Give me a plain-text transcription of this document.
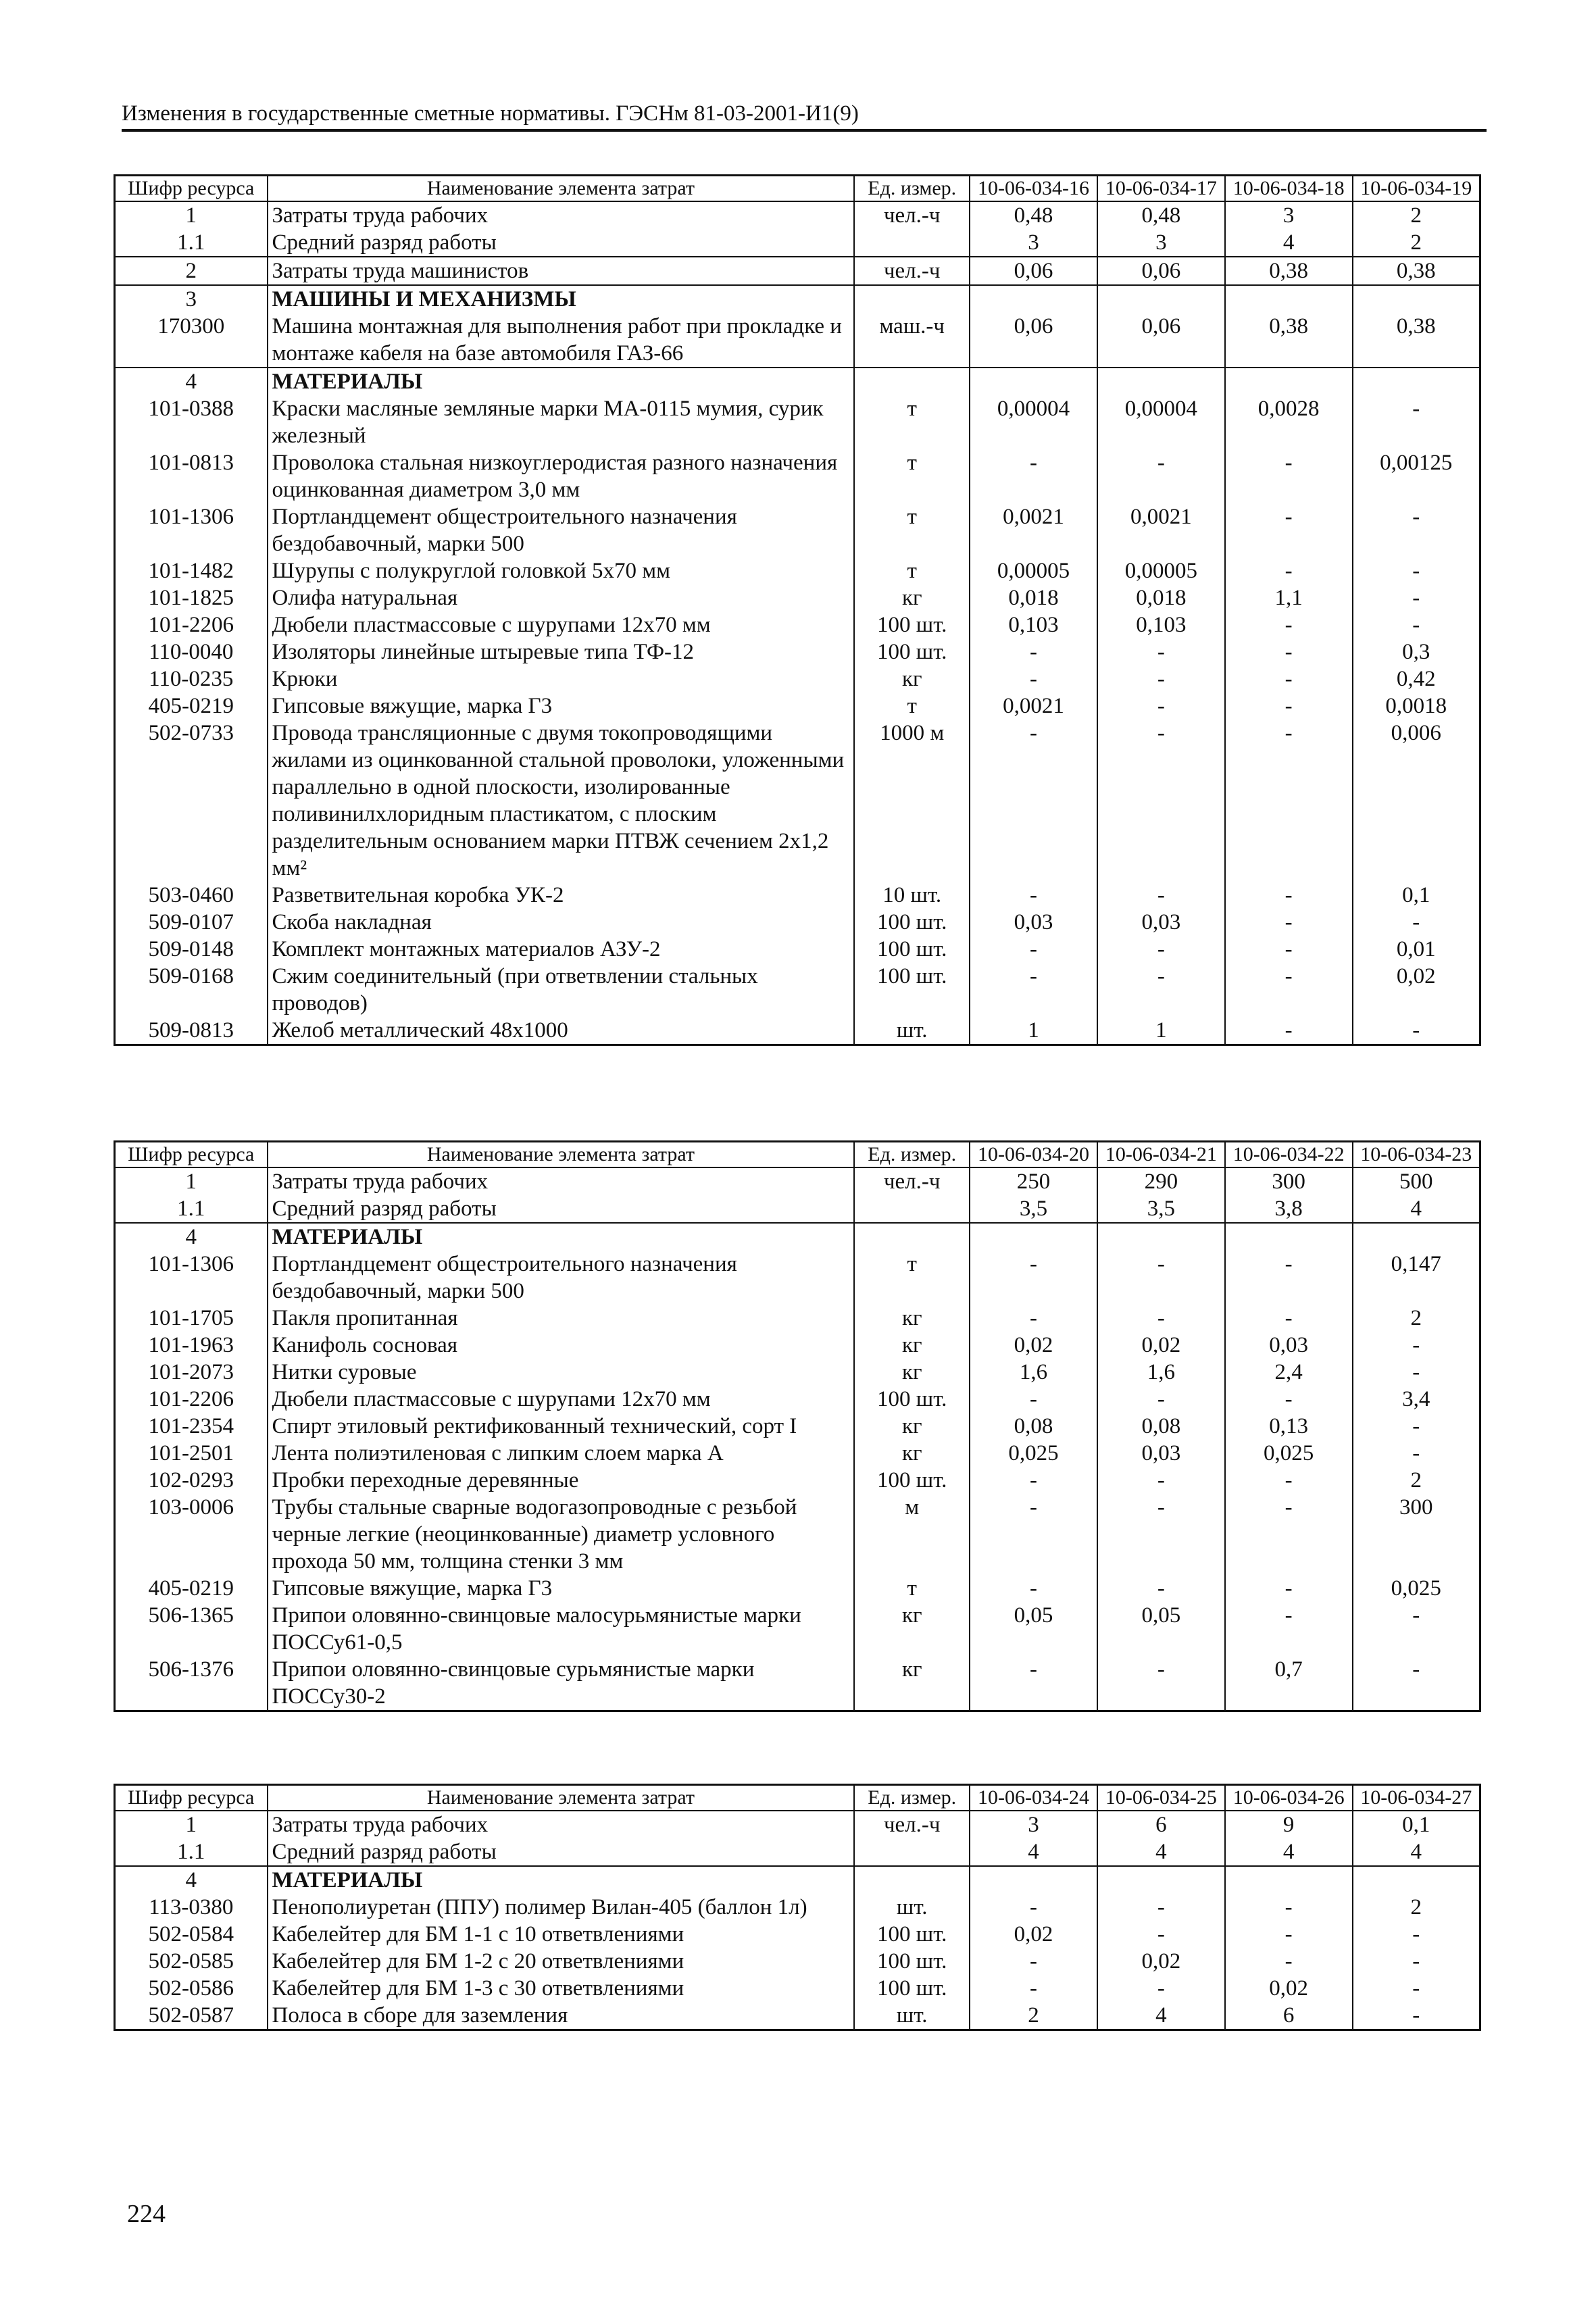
Изменения в государственные сметные нормативы. ГЭСНм 81-03-2001-И1(9)
Шифр ресурса	Наименование элемента затрат	Ед. измер.	10-06-034-16	10-06-034-17	10-06-034-18	10-06-034-19
1	Затраты труда рабочих	чел.-ч	0,48	0,48	3	2
1.1	Средний разряд работы		3	3	4	2
2	Затраты труда машинистов	чел.-ч	0,06	0,06	0,38	0,38
3	МАШИНЫ И МЕХАНИЗМЫ					
170300	Машина монтажная для выполнения работ при прокладке и монтаже кабеля на базе автомобиля ГАЗ-66	маш.-ч	0,06	0,06	0,38	0,38
4	МАТЕРИАЛЫ					
101-0388	Краски масляные земляные марки МА-0115 мумия, сурик железный	т	0,00004	0,00004	0,0028	-
101-0813	Проволока стальная низкоуглеродистая разного назначения оцинкованная диаметром 3,0 мм	т	-	-	-	0,00125
101-1306	Портландцемент общестроительного назначения бездобавочный, марки 500	т	0,0021	0,0021	-	-
101-1482	Шурупы с полукруглой головкой 5х70 мм	т	0,00005	0,00005	-	-
101-1825	Олифа натуральная	кг	0,018	0,018	1,1	-
101-2206	Дюбели пластмассовые с шурупами 12х70 мм	100 шт.	0,103	0,103	-	-
110-0040	Изоляторы линейные штыревые типа ТФ-12	100 шт.	-	-	-	0,3
110-0235	Крюки	кг	-	-	-	0,42
405-0219	Гипсовые вяжущие, марка Г3	т	0,0021	-	-	0,0018
502-0733	Провода трансляционные с двумя токопроводящими жилами из оцинкованной стальной проволоки, уложенными параллельно в одной плоскости, изолированные поливинилхлоридным пластикатом, с плоским разделительным основанием марки ПТВЖ сечением 2х1,2 мм²	1000 м	-	-	-	0,006
503-0460	Разветвительная коробка УК-2	10 шт.	-	-	-	0,1
509-0107	Скоба накладная	100 шт.	0,03	0,03	-	-
509-0148	Комплект монтажных материалов АЗУ-2	100 шт.	-	-	-	0,01
509-0168	Сжим соединительный (при ответвлении стальных проводов)	100 шт.	-	-	-	0,02
509-0813	Желоб металлический 48х1000	шт.	1	1	-	-
Шифр ресурса	Наименование элемента затрат	Ед. измер.	10-06-034-20	10-06-034-21	10-06-034-22	10-06-034-23
1	Затраты труда рабочих	чел.-ч	250	290	300	500
1.1	Средний разряд работы		3,5	3,5	3,8	4
4	МАТЕРИАЛЫ					
101-1306	Портландцемент общестроительного назначения бездобавочный, марки 500	т	-	-	-	0,147
101-1705	Пакля пропитанная	кг	-	-	-	2
101-1963	Канифоль сосновая	кг	0,02	0,02	0,03	-
101-2073	Нитки суровые	кг	1,6	1,6	2,4	-
101-2206	Дюбели пластмассовые с шурупами 12х70 мм	100 шт.	-	-	-	3,4
101-2354	Спирт этиловый ректификованный технический, сорт I	кг	0,08	0,08	0,13	-
101-2501	Лента полиэтиленовая с липким слоем марка А	кг	0,025	0,03	0,025	-
102-0293	Пробки переходные деревянные	100 шт.	-	-	-	2
103-0006	Трубы стальные сварные водогазопроводные с резьбой черные легкие (неоцинкованные) диаметр условного прохода 50 мм, толщина стенки 3 мм	м	-	-	-	300
405-0219	Гипсовые вяжущие, марка Г3	т	-	-	-	0,025
506-1365	Припои оловянно-свинцовые малосурьмянистые марки ПОССу61-0,5	кг	0,05	0,05	-	-
506-1376	Припои оловянно-свинцовые сурьмянистые марки ПОССу30-2	кг	-	-	0,7	-
Шифр ресурса	Наименование элемента затрат	Ед. измер.	10-06-034-24	10-06-034-25	10-06-034-26	10-06-034-27
1	Затраты труда рабочих	чел.-ч	3	6	9	0,1
1.1	Средний разряд работы		4	4	4	4
4	МАТЕРИАЛЫ					
113-0380	Пенополиуретан (ППУ) полимер Вилан-405 (баллон 1л)	шт.	-	-	-	2
502-0584	Кабелейтер для БМ 1-1 с 10 ответвлениями	100 шт.	0,02	-	-	-
502-0585	Кабелейтер для БМ 1-2 с 20 ответвлениями	100 шт.	-	0,02	-	-
502-0586	Кабелейтер для БМ 1-3 с 30 ответвлениями	100 шт.	-	-	0,02	-
502-0587	Полоса в сборе для заземления	шт.	2	4	6	-
224
